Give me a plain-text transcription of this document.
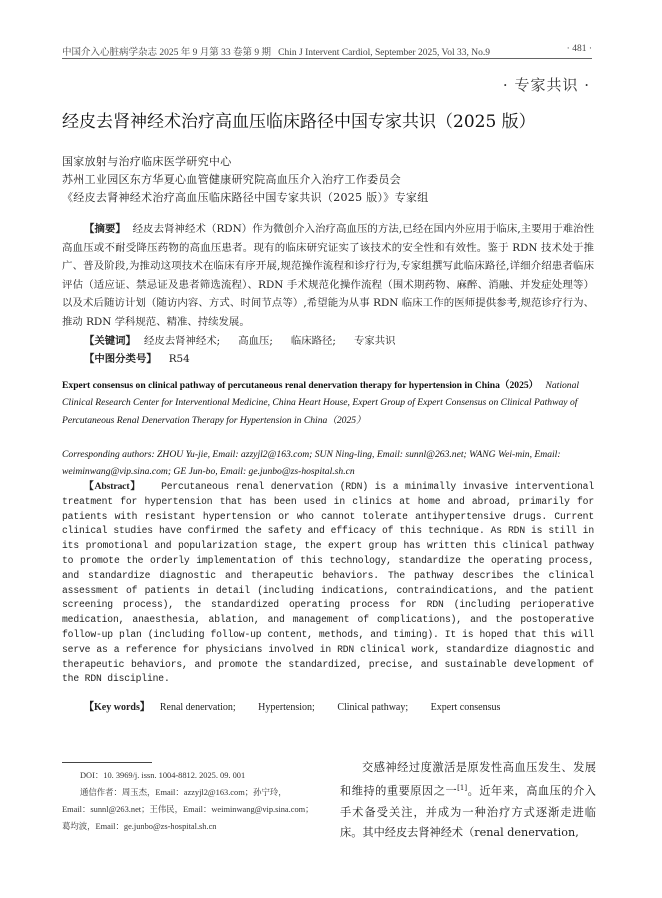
中国介入心脏病学杂志 2025 年 9 月第 33 卷第 9 期 Chin J Intervent Cardiol, September 2025, Vol 33, No.9	· 481 ·
· 专家共识 ·
经皮去肾神经术治疗高血压临床路径中国专家共识（2025 版）
国家放射与治疗临床医学研究中心
苏州工业园区东方华夏心血管健康研究院高血压介入治疗工作委员会
《经皮去肾神经术治疗高血压临床路径中国专家共识（2025 版）》专家组
【摘要】 经皮去肾神经术（RDN）作为微创介入治疗高血压的方法,已经在国内外应用于临床,主要用于难治性高血压或不耐受降压药物的高血压患者。现有的临床研究证实了该技术的安全性和有效性。鉴于 RDN 技术处于推广、普及阶段,为推动这项技术在临床有序开展,规范操作流程和诊疗行为,专家组撰写此临床路径,详细介绍患者临床评估（适应证、禁忌证及患者筛选流程）、RDN 手术规范化操作流程（围术期药物、麻醉、消融、并发症处理等）以及术后随访计划（随访内容、方式、时间节点等）,希望能为从事 RDN 临床工作的医师提供参考,规范诊疗行为、推动 RDN 学科规范、精准、持续发展。
【关键词】 经皮去肾神经术; 高血压; 临床路径; 专家共识
【中图分类号】 R54
Expert consensus on clinical pathway of percutaneous renal denervation therapy for hypertension in China（2025） National Clinical Research Center for Interventional Medicine, China Heart House, Expert Group of Expert Consensus on Clinical Pathway of Percutaneous Renal Denervation Therapy for Hypertension in China（2025）
Corresponding authors: ZHOU Yu-jie, Email: azzyjl2@163.com; SUN Ning-ling, Email: sunnl@263.net; WANG Wei-min, Email: weiminwang@vip.sina.com; GE Jun-bo, Email: ge.junbo@zs-hospital.sh.cn
【Abstract】 Percutaneous renal denervation (RDN) is a minimally invasive interventional treatment for hypertension that has been used in clinics at home and abroad, primarily for patients with resistant hypertension or who cannot tolerate antihypertensive drugs. Current clinical studies have confirmed the safety and efficacy of this technique. As RDN is still in its promotional and popularization stage, the expert group has written this clinical pathway to promote the orderly implementation of this technology, standardize the operating process, and standardize diagnostic and therapeutic behaviors. The pathway describes the clinical assessment of patients in detail (including indications, contraindications, and the patient screening process), the standardized operating process for RDN (including perioperative medication, anaesthesia, ablation, and management of complications), and the postoperative follow-up plan (including follow-up content, methods, and timing). It is hoped that this will serve as a reference for physicians involved in RDN clinical work, standardize diagnostic and therapeutic behaviors, and promote the standardized, precise, and sustainable development of the RDN discipline.
【Key words】 Renal denervation; Hypertension; Clinical pathway; Expert consensus
DOI：10. 3969/j. issn. 1004-8812. 2025. 09. 001
通信作者：周玉杰，Email：azzyjl2@163.com；孙宁玲，
Email：sunnl@263.net；王伟民，Email：weiminwang@vip.sina.com；
葛均波，Email：ge.junbo@zs-hospital.sh.cn
交感神经过度激活是原发性高血压发生、发展和维持的重要原因之一[1]。近年来，高血压的介入手术备受关注，并成为一种治疗方式逐渐走进临床。其中经皮去肾神经术（renal denervation,
